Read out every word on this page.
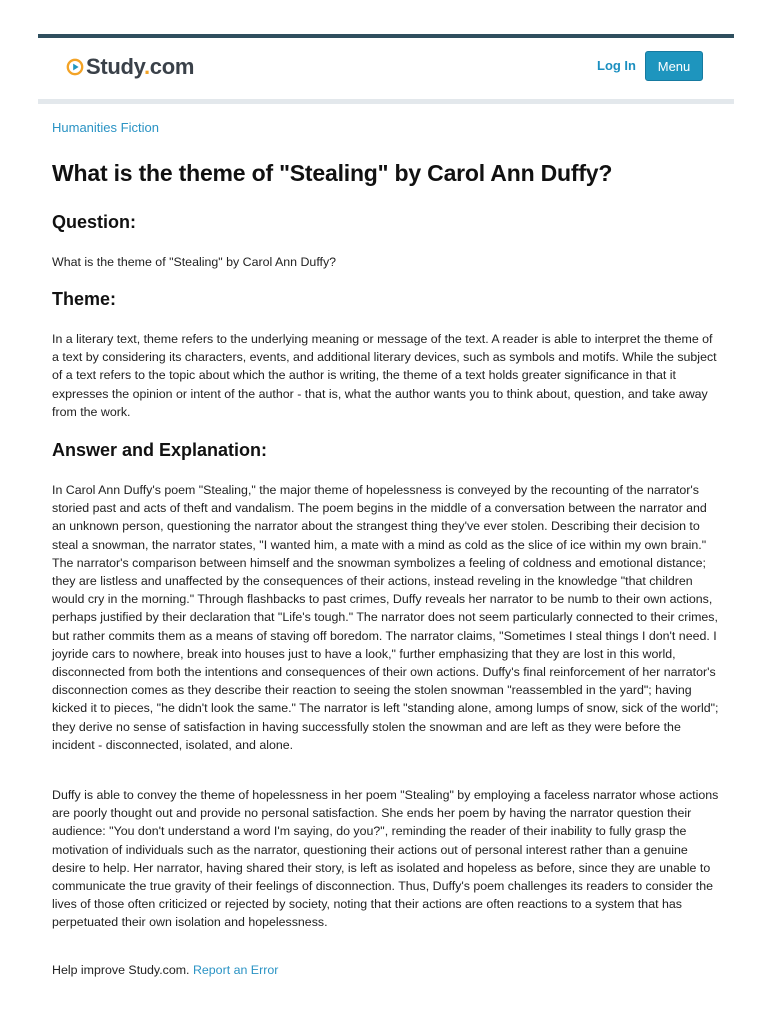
Study.com	Log In	Menu
Humanities Fiction
What is the theme of "Stealing" by Carol Ann Duffy?
Question:
What is the theme of "Stealing" by Carol Ann Duffy?
Theme:
In a literary text, theme refers to the underlying meaning or message of the text. A reader is able to interpret the theme of a text by considering its characters, events, and additional literary devices, such as symbols and motifs. While the subject of a text refers to the topic about which the author is writing, the theme of a text holds greater significance in that it expresses the opinion or intent of the author - that is, what the author wants you to think about, question, and take away from the work.
Answer and Explanation:
In Carol Ann Duffy's poem "Stealing," the major theme of hopelessness is conveyed by the recounting of the narrator's storied past and acts of theft and vandalism. The poem begins in the middle of a conversation between the narrator and an unknown person, questioning the narrator about the strangest thing they've ever stolen. Describing their decision to steal a snowman, the narrator states, "I wanted him, a mate with a mind as cold as the slice of ice within my own brain." The narrator's comparison between himself and the snowman symbolizes a feeling of coldness and emotional distance; they are listless and unaffected by the consequences of their actions, instead reveling in the knowledge "that children would cry in the morning." Through flashbacks to past crimes, Duffy reveals her narrator to be numb to their own actions, perhaps justified by their declaration that "Life's tough." The narrator does not seem particularly connected to their crimes, but rather commits them as a means of staving off boredom. The narrator claims, "Sometimes I steal things I don't need. I joyride cars to nowhere, break into houses just to have a look," further emphasizing that they are lost in this world, disconnected from both the intentions and consequences of their own actions. Duffy's final reinforcement of her narrator's disconnection comes as they describe their reaction to seeing the stolen snowman "reassembled in the yard"; having kicked it to pieces, "he didn't look the same." The narrator is left "standing alone, among lumps of snow, sick of the world"; they derive no sense of satisfaction in having successfully stolen the snowman and are left as they were before the incident - disconnected, isolated, and alone.
Duffy is able to convey the theme of hopelessness in her poem "Stealing" by employing a faceless narrator whose actions are poorly thought out and provide no personal satisfaction. She ends her poem by having the narrator question their audience: "You don't understand a word I'm saying, do you?", reminding the reader of their inability to fully grasp the motivation of individuals such as the narrator, questioning their actions out of personal interest rather than a genuine desire to help. Her narrator, having shared their story, is left as isolated and hopeless as before, since they are unable to communicate the true gravity of their feelings of disconnection. Thus, Duffy's poem challenges its readers to consider the lives of those often criticized or rejected by society, noting that their actions are often reactions to a system that has perpetuated their own isolation and hopelessness.
Help improve Study.com. Report an Error
